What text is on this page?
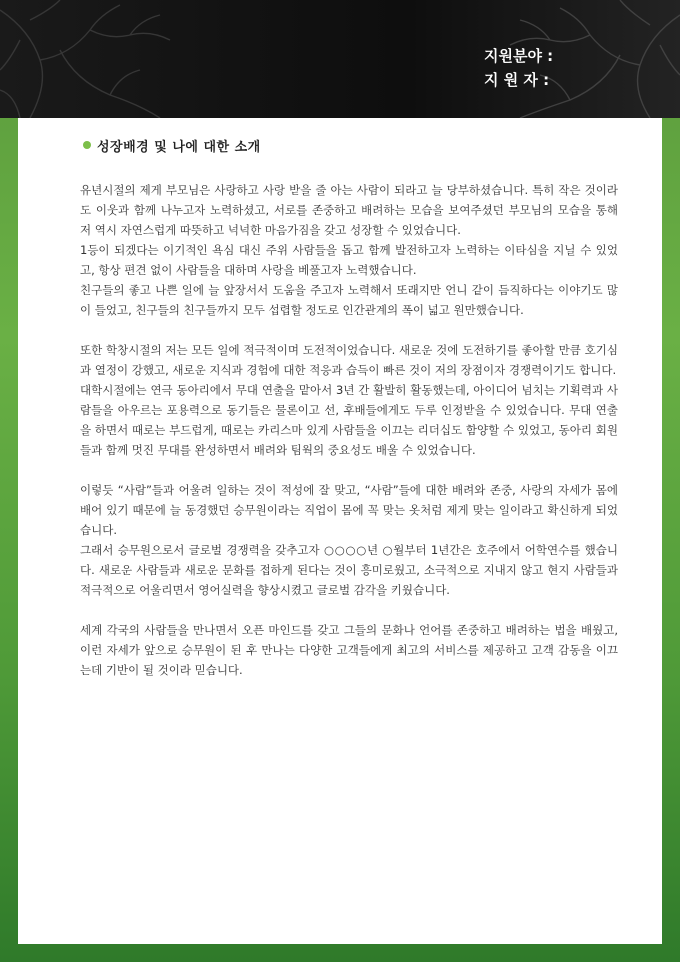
지원분야 :
지 원 자 :
성장배경 및 나에 대한 소개

유년시절의 제게 부모님은 사랑하고 사랑 받을 줄 아는 사람이 되라고 늘 당부하셨습니다. 특히 작은 것이라도 이웃과 함께 나누고자 노력하셨고, 서로를 존중하고 배려하는 모습을 보여주셨던 부모님의 모습을 통해 저 역시 자연스럽게 따뜻하고 넉넉한 마음가짐을 갖고 성장할 수 있었습니다.

1등이 되겠다는 이기적인 욕심 대신 주위 사람들을 돕고 함께 발전하고자 노력하는 이타심을 지닐 수 있었고, 항상 편견 없이 사람들을 대하며 사랑을 베풀고자 노력했습니다.

친구들의 좋고 나쁜 일에 늘 앞장서서 도움을 주고자 노력해서 또래지만 언니 같이 듬직하다는 이야기도 많이 들었고, 친구들의 친구들까지 모두 섭렵할 정도로 인간관계의 폭이 넓고 원만했습니다.

또한 학창시절의 저는 모든 일에 적극적이며 도전적이었습니다. 새로운 것에 도전하기를 좋아할 만큼 호기심과 열정이 강했고, 새로운 지식과 경험에 대한 적응과 습득이 빠른 것이 저의 장점이자 경쟁력이기도 합니다.

대학시절에는 연극 동아리에서 무대 연출을 맡아서 3년 간 활발히 활동했는데, 아이디어 넘치는 기획력과 사람들을 아우르는 포용력으로 동기들은 물론이고 선, 후배들에게도 두루 인정받을 수 있었습니다. 무대 연출을 하면서 때로는 부드럽게, 때로는 카리스마 있게 사람들을 이끄는 리더십도 함양할 수 있었고, 동아리 회원들과 함께 멋진 무대를 완성하면서 배려와 팀웍의 중요성도 배울 수 있었습니다.

이렇듯 “사람”들과 어울려 일하는 것이 적성에 잘 맞고, “사람”들에 대한 배려와 존중, 사랑의 자세가 몸에 배어 있기 때문에 늘 동경했던 승무원이라는 직업이 몸에 꼭 맞는 옷처럼 제게 맞는 일이라고 확신하게 되었습니다.

그래서 승무원으로서 글로벌 경쟁력을 갖추고자 ○○○○년 ○월부터 1년간은 호주에서 어학연수를 했습니다. 새로운 사람들과 새로운 문화를 접하게 된다는 것이 흥미로웠고, 소극적으로 지내지 않고 현지 사람들과 적극적으로 어울리면서 영어실력을 향상시켰고 글로벌 감각을 키웠습니다.

세계 각국의 사람들을 만나면서 오픈 마인드를 갖고 그들의 문화나 언어를 존중하고 배려하는 법을 배웠고, 이런 자세가 앞으로 승무원이 된 후 만나는 다양한 고객들에게 최고의 서비스를 제공하고 고객 감동을 이끄는데 기반이 될 것이라 믿습니다.
